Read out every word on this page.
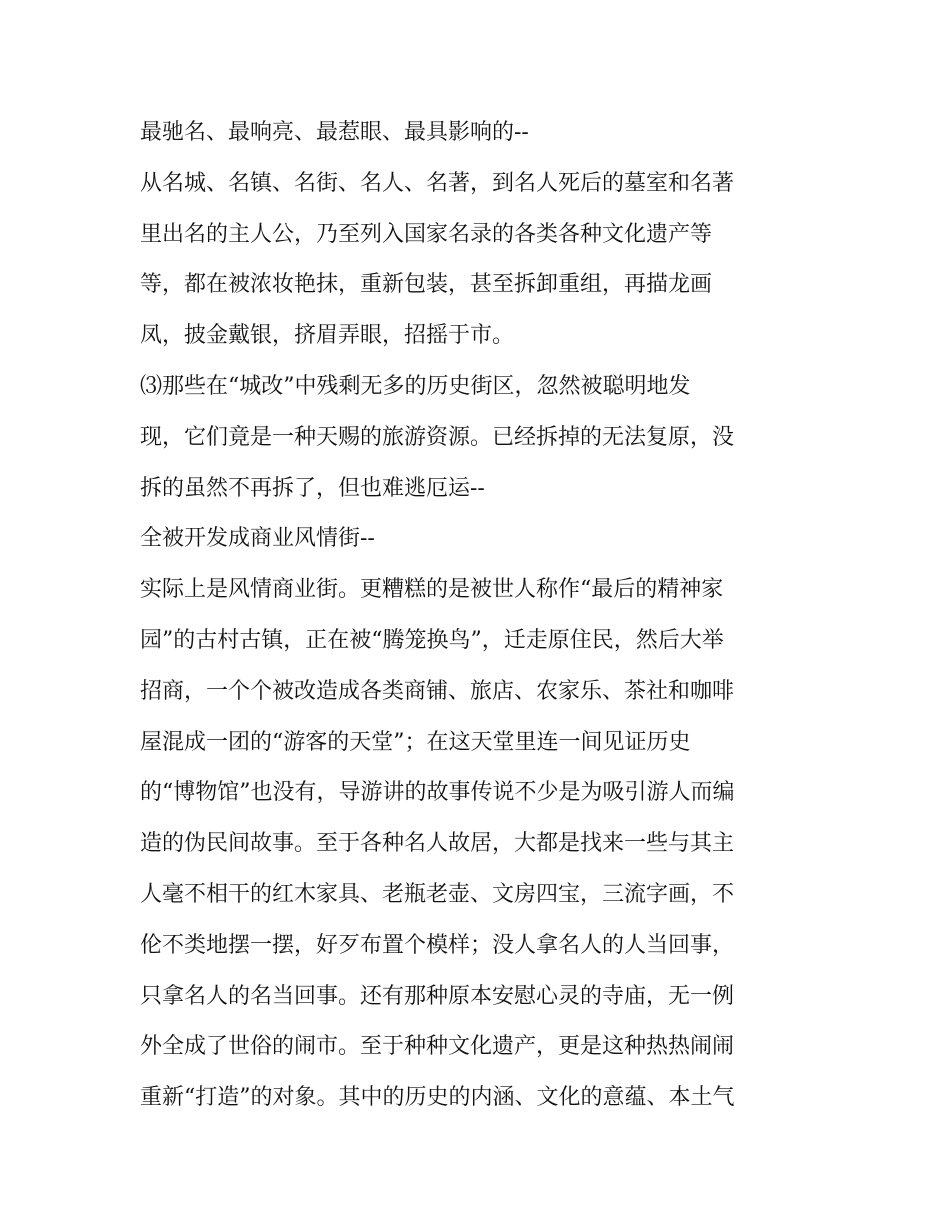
最驰名、最响亮、最惹眼、最具影响的--
从名城、名镇、名街、名人、名著，到名人死后的墓室和名著
里出名的主人公，乃至列入国家名录的各类各种文化遗产等
等，都在被浓妆艳抹，重新包装，甚至拆卸重组，再描龙画
凤，披金戴银，挤眉弄眼，招摇于市。
⑶那些在“城改”中残剩无多的历史街区，忽然被聪明地发
现，它们竟是一种天赐的旅游资源。已经拆掉的无法复原，没
拆的虽然不再拆了，但也难逃厄运--
全被开发成商业风情街--
实际上是风情商业街。更糟糕的是被世人称作“最后的精神家
园”的古村古镇，正在被“腾笼换鸟”，迁走原住民，然后大举
招商，一个个被改造成各类商铺、旅店、农家乐、茶社和咖啡
屋混成一团的“游客的天堂”；在这天堂里连一间见证历史
的“博物馆”也没有，导游讲的故事传说不少是为吸引游人而编
造的伪民间故事。至于各种名人故居，大都是找来一些与其主
人毫不相干的红木家具、老瓶老壶、文房四宝，三流字画，不
伦不类地摆一摆，好歹布置个模样；没人拿名人的人当回事，
只拿名人的名当回事。还有那种原本安慰心灵的寺庙，无一例
外全成了世俗的闹市。至于种种文化遗产，更是这种热热闹闹
重新“打造”的对象。其中的历史的内涵、文化的意蕴、本土气
